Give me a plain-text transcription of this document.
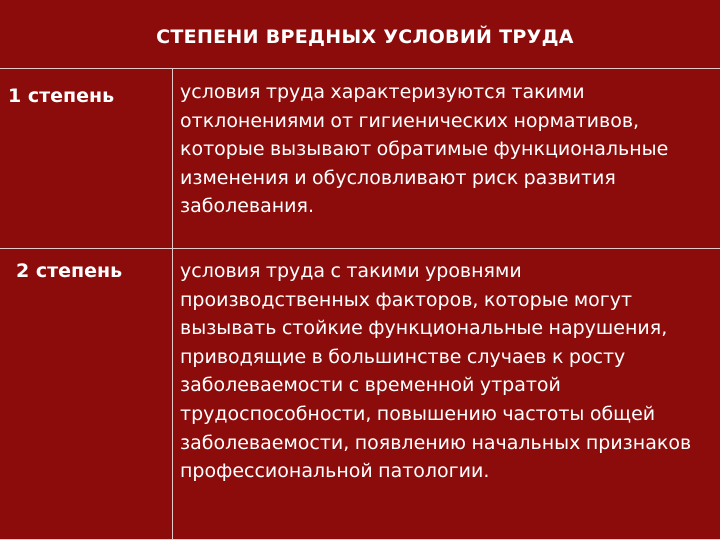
СТЕПЕНИ ВРЕДНЫХ УСЛОВИЙ ТРУДА

1 степень	условия труда характеризуются такими отклонениями от гигиенических нормативов, которые вызывают обратимые функциональные изменения и обусловливают риск развития заболевания.

2 степень	условия труда с такими уровнями производственных факторов, которые могут вызывать стойкие функциональные нарушения, приводящие в большинстве случаев к росту заболеваемости с временной утратой трудоспособности, повышению частоты общей заболеваемости, появлению начальных признаков профессиональной патологии.
